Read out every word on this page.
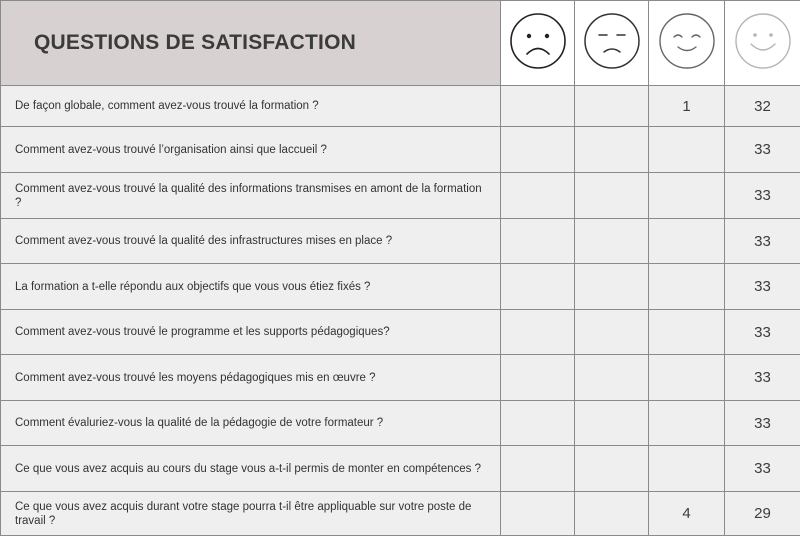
QUESTIONS DE SATISFACTION				
De façon globale, comment avez-vous trouvé la formation ?			1	32
Comment avez-vous trouvé l’organisation ainsi que laccueil ?				33
Comment avez-vous trouvé la qualité des informations transmises en amont de la formation ?				33
Comment avez-vous trouvé la qualité des infrastructures mises en place ?				33
La formation a t-elle répondu aux objectifs que vous vous étiez fixés ?				33
Comment avez-vous trouvé le programme et les supports pédagogiques?				33
Comment avez-vous trouvé les moyens pédagogiques mis en œuvre ?				33
Comment évaluriez-vous la qualité de la pédagogie de votre formateur ?				33
Ce que vous avez acquis au cours du stage vous a-t-il permis de monter en compétences ?				33
Ce que vous avez acquis durant votre stage pourra t-il être appliquable sur votre poste de travail ?			4	29
